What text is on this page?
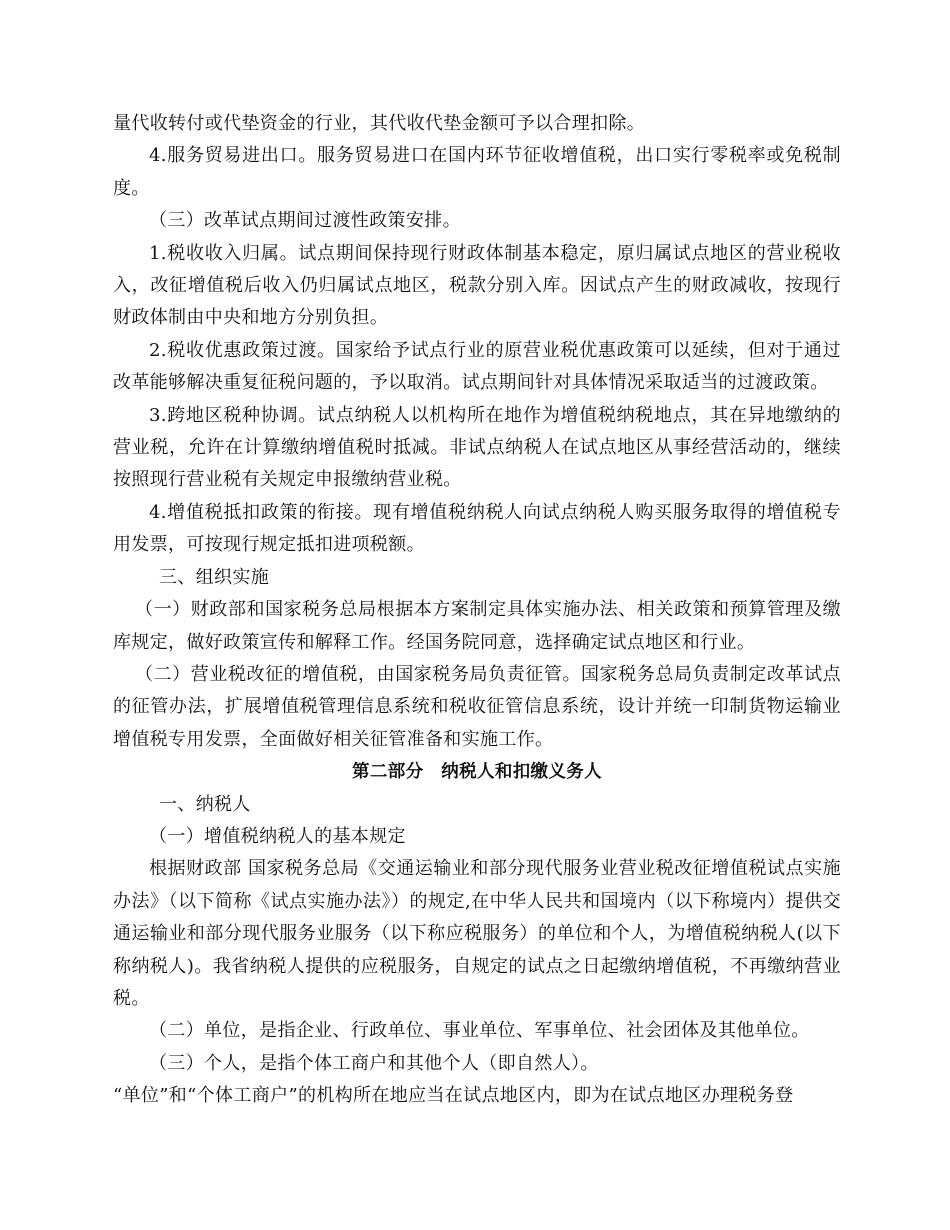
量代收转付或代垫资金的行业，其代收代垫金额可予以合理扣除。

4.服务贸易进出口。服务贸易进口在国内环节征收增值税，出口实行零税率或免税制度。

（三）改革试点期间过渡性政策安排。

1.税收收入归属。试点期间保持现行财政体制基本稳定，原归属试点地区的营业税收入，改征增值税后收入仍归属试点地区，税款分别入库。因试点产生的财政减收，按现行财政体制由中央和地方分别负担。

2.税收优惠政策过渡。国家给予试点行业的原营业税优惠政策可以延续，但对于通过改革能够解决重复征税问题的，予以取消。试点期间针对具体情况采取适当的过渡政策。

3.跨地区税种协调。试点纳税人以机构所在地作为增值税纳税地点，其在异地缴纳的营业税，允许在计算缴纳增值税时抵减。非试点纳税人在试点地区从事经营活动的，继续按照现行营业税有关规定申报缴纳营业税。

4.增值税抵扣政策的衔接。现有增值税纳税人向试点纳税人购买服务取得的增值税专用发票，可按现行规定抵扣进项税额。

三、组织实施

（一）财政部和国家税务总局根据本方案制定具体实施办法、相关政策和预算管理及缴库规定，做好政策宣传和解释工作。经国务院同意，选择确定试点地区和行业。

（二）营业税改征的增值税，由国家税务局负责征管。国家税务总局负责制定改革试点的征管办法，扩展增值税管理信息系统和税收征管信息系统，设计并统一印制货物运输业增值税专用发票，全面做好相关征管准备和实施工作。

第二部分　纳税人和扣缴义务人

一、纳税人

（一）增值税纳税人的基本规定

根据财政部 国家税务总局《交通运输业和部分现代服务业营业税改征增值税试点实施办法》（以下简称《试点实施办法》）的规定,在中华人民共和国境内（以下称境内）提供交通运输业和部分现代服务业服务（以下称应税服务）的单位和个人，为增值税纳税人(以下称纳税人)。我省纳税人提供的应税服务，自规定的试点之日起缴纳增值税，不再缴纳营业税。

（二）单位，是指企业、行政单位、事业单位、军事单位、社会团体及其他单位。

（三）个人，是指个体工商户和其他个人（即自然人）。

“单位”和“个体工商户”的机构所在地应当在试点地区内，即为在试点地区办理税务登
